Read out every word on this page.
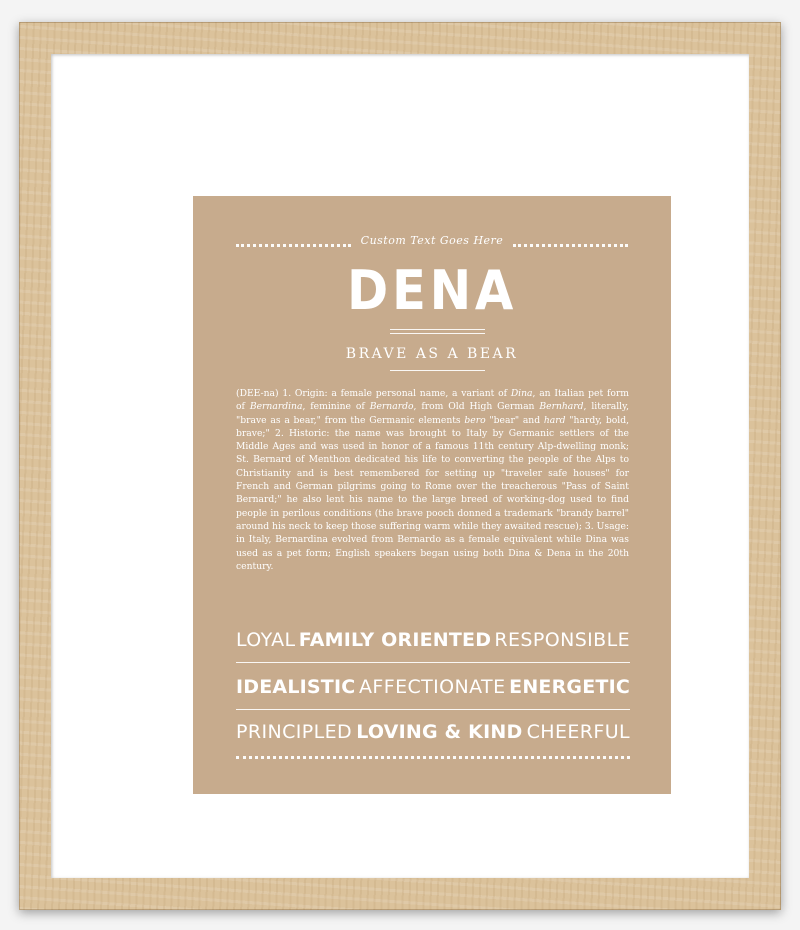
Custom Text Goes Here
DENA
BRAVE AS A BEAR
(DEE-na) 1. Origin: a female personal name, a variant of Dina, an Italian pet form of Bernardina, feminine of Bernardo, from Old High German Bernhard, literally, "brave as a bear," from the Germanic elements bero "bear" and hard "hardy, bold, brave;" 2. Historic: the name was brought to Italy by Germanic settlers of the Middle Ages and was used in honor of a famous 11th century Alp-dwelling monk; St. Bernard of Menthon dedicated his life to converting the people of the Alps to Christianity and is best remembered for setting up "traveler safe houses" for French and German pilgrims going to Rome over the treacherous "Pass of Saint Bernard;" he also lent his name to the large breed of working-dog used to find people in perilous conditions (the brave pooch donned a trademark "brandy barrel" around his neck to keep those suffering warm while they awaited rescue); 3. Usage: in Italy, Bernardina evolved from Bernardo as a female equivalent while Dina was used as a pet form; English speakers began using both Dina & Dena in the 20th century.
LOYAL FAMILY ORIENTED RESPONSIBLE
IDEALISTIC AFFECTIONATE ENERGETIC
PRINCIPLED LOVING & KIND CHEERFUL
